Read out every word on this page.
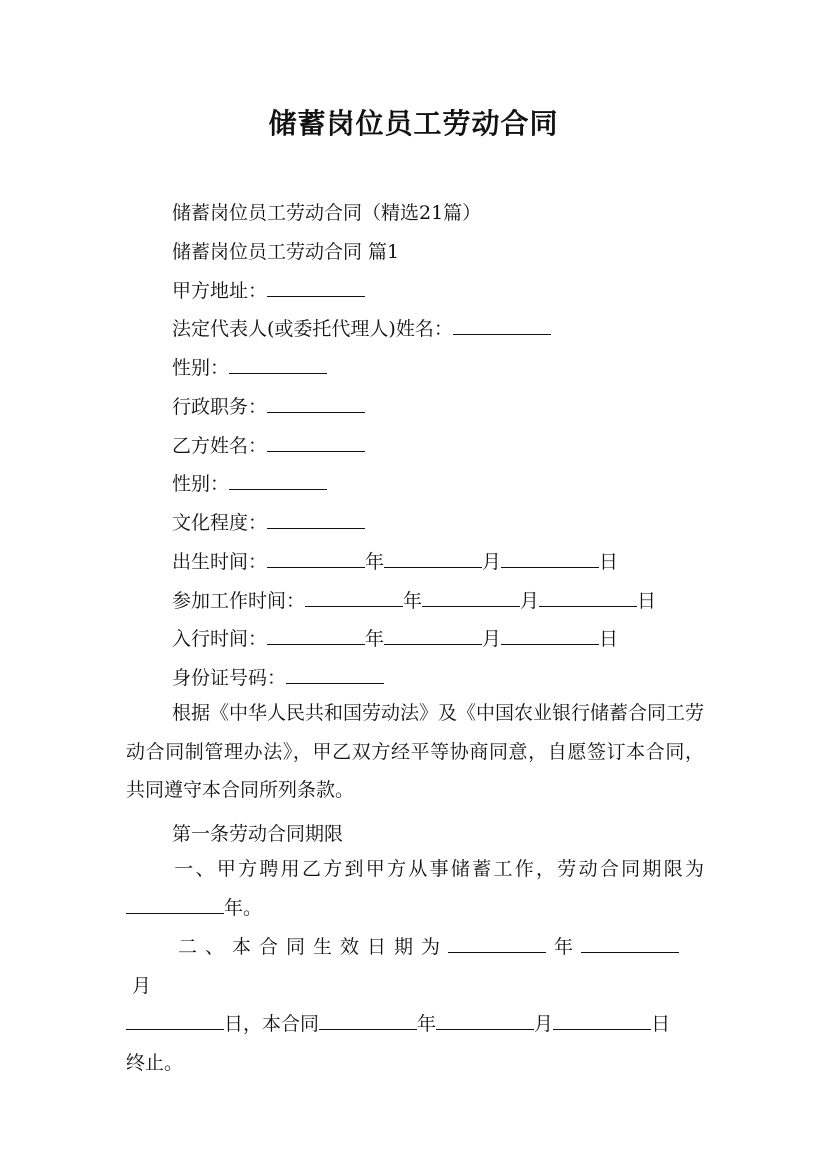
储蓄岗位员工劳动合同
储蓄岗位员工劳动合同（精选21篇）
储蓄岗位员工劳动合同 篇1
甲方地址：
法定代表人(或委托代理人)姓名：
性别：
行政职务：
乙方姓名：
性别：
文化程度：
出生时间：	年	月	日
参加工作时间：	年	月	日
入行时间：	年	月	日
身份证号码：
根据《中华人民共和国劳动法》及《中国农业银行储蓄合同工劳动合同制管理办法》，甲乙双方经平等协商同意，自愿签订本合同，共同遵守本合同所列条款。
第一条劳动合同期限
一、甲方聘用乙方到甲方从事储蓄工作，劳动合同期限为年。
二、本合同生效日期为	年月
日，本合同	年	月	日
终止。
